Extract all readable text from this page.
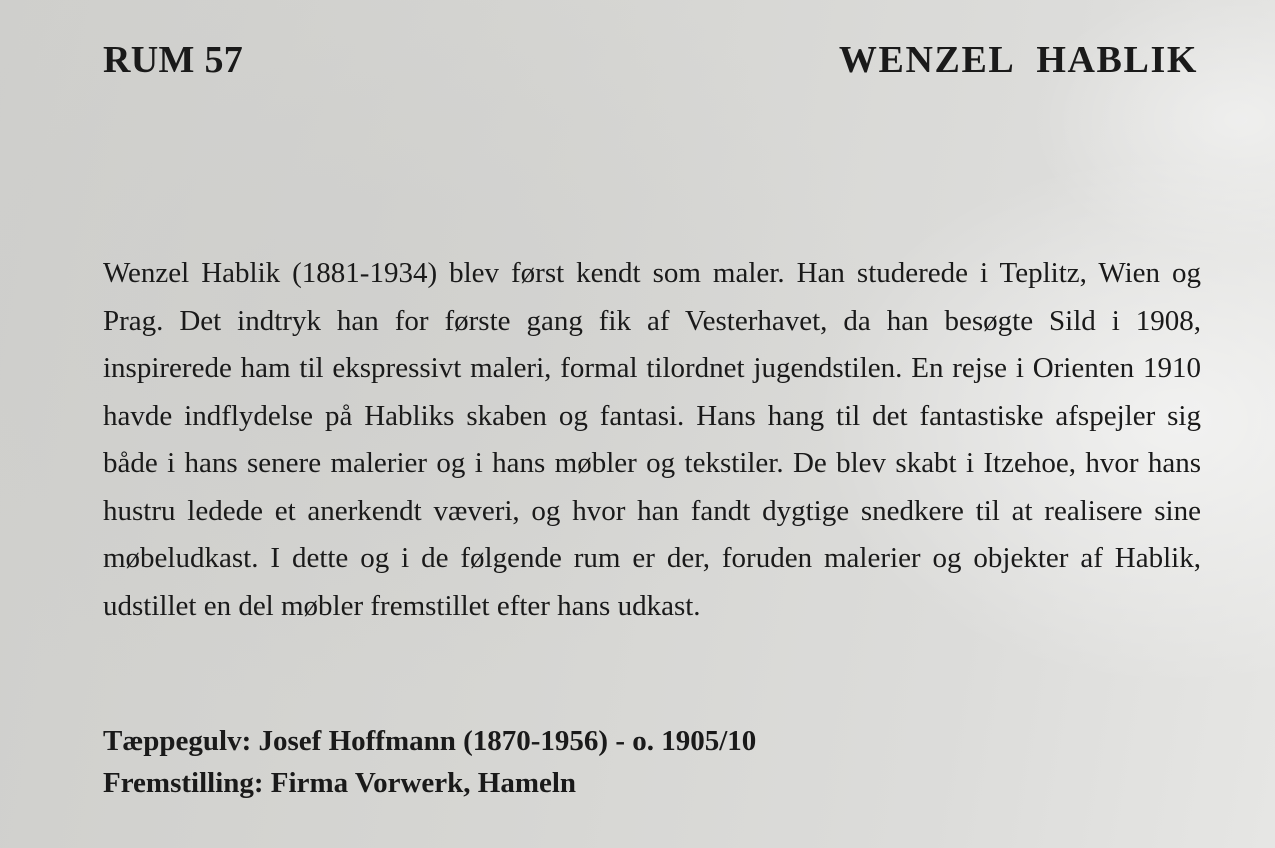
RUM 57	WENZEL HABLIK

Wenzel Hablik (1881-1934) blev først kendt som maler. Han studerede i Teplitz, Wien og Prag. Det indtryk han for første gang fik af Vesterhavet, da han besøgte Sild i 1908, inspirerede ham til ekspressivt maleri, formal tilordnet jugendstilen. En rejse i Orienten 1910 havde indflydelse på Habliks skaben og fantasi. Hans hang til det fantastiske afspejler sig både i hans senere malerier og i hans møbler og tekstiler. De blev skabt i Itzehoe, hvor hans hustru ledede et anerkendt væveri, og hvor han fandt dygtige snedkere til at realisere sine møbeludkast. I dette og i de følgende rum er der, foruden malerier og objekter af Hablik, udstillet en del møbler fremstillet efter hans udkast.

Tæppegulv: Josef Hoffmann (1870-1956) - o. 1905/10
Fremstilling: Firma Vorwerk, Hameln
